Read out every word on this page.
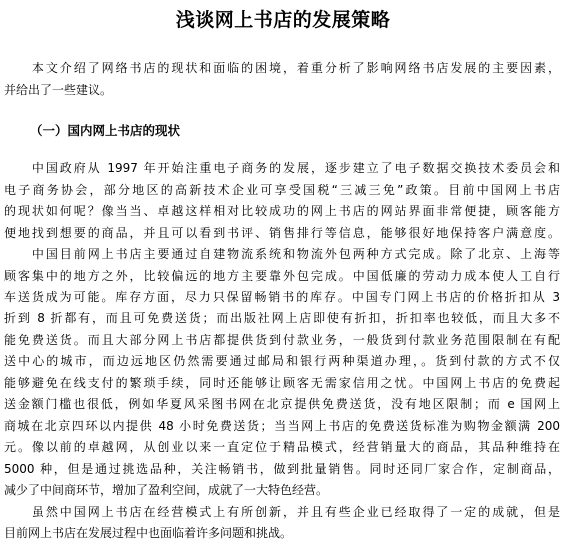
浅谈网上书店的发展策略
　　本文介绍了网络书店的现状和面临的困境，着重分析了影响网络书店发展的主要因素，
并给出了一些建议。
（一）国内网上书店的现状
　　中国政府从 1997 年开始注重电子商务的发展，逐步建立了电子数据交换技术委员会和
电子商务协会，部分地区的高新技术企业可享受国税“三减三免”政策。目前中国网上书店
的现状如何呢？像当当、卓越这样相对比较成功的网上书店的网站界面非常便捷，顾客能方
便地找到想要的商品，并且可以看到书评、销售排行等信息，能够很好地保持客户满意度。
　　中国目前网上书店主要通过自建物流系统和物流外包两种方式完成。除了北京、上海等
顾客集中的地方之外，比较偏远的地方主要靠外包完成。中国低廉的劳动力成本使人工自行
车送货成为可能。库存方面，尽力只保留畅销书的库存。中国专门网上书店的价格折扣从 3
折到 8 折都有，而且可免费送货；而出版社网上店即使有折扣，折扣率也较低，而且大多不
能免费送货。而且大部分网上书店都提供货到付款业务，一般货到付款业务范围限制在有配
送中心的城市，而边远地区仍然需要通过邮局和银行两种渠道办理，。货到付款的方式不仅
能够避免在线支付的繁琐手续，同时还能够让顾客无需家信用之忧。中国网上书店的免费起
送金额门槛也很低，例如华夏风采图书网在北京提供免费送货，没有地区限制；而 e 国网上
商城在北京四环以内提供 48 小时免费送货；当当网上书店的免费送货标准为购物金额满 200
元。像以前的卓越网，从创业以来一直定位于精品模式，经营销量大的商品，其品种维持在
5000 种，但是通过挑选品种，关注畅销书，做到批量销售。同时还同厂家合作，定制商品，
减少了中间商环节，增加了盈利空间，成就了一大特色经营。
　　虽然中国网上书店在经营模式上有所创新，并且有些企业已经取得了一定的成就，但是
目前网上书店在发展过程中也面临着许多问题和挑战。
